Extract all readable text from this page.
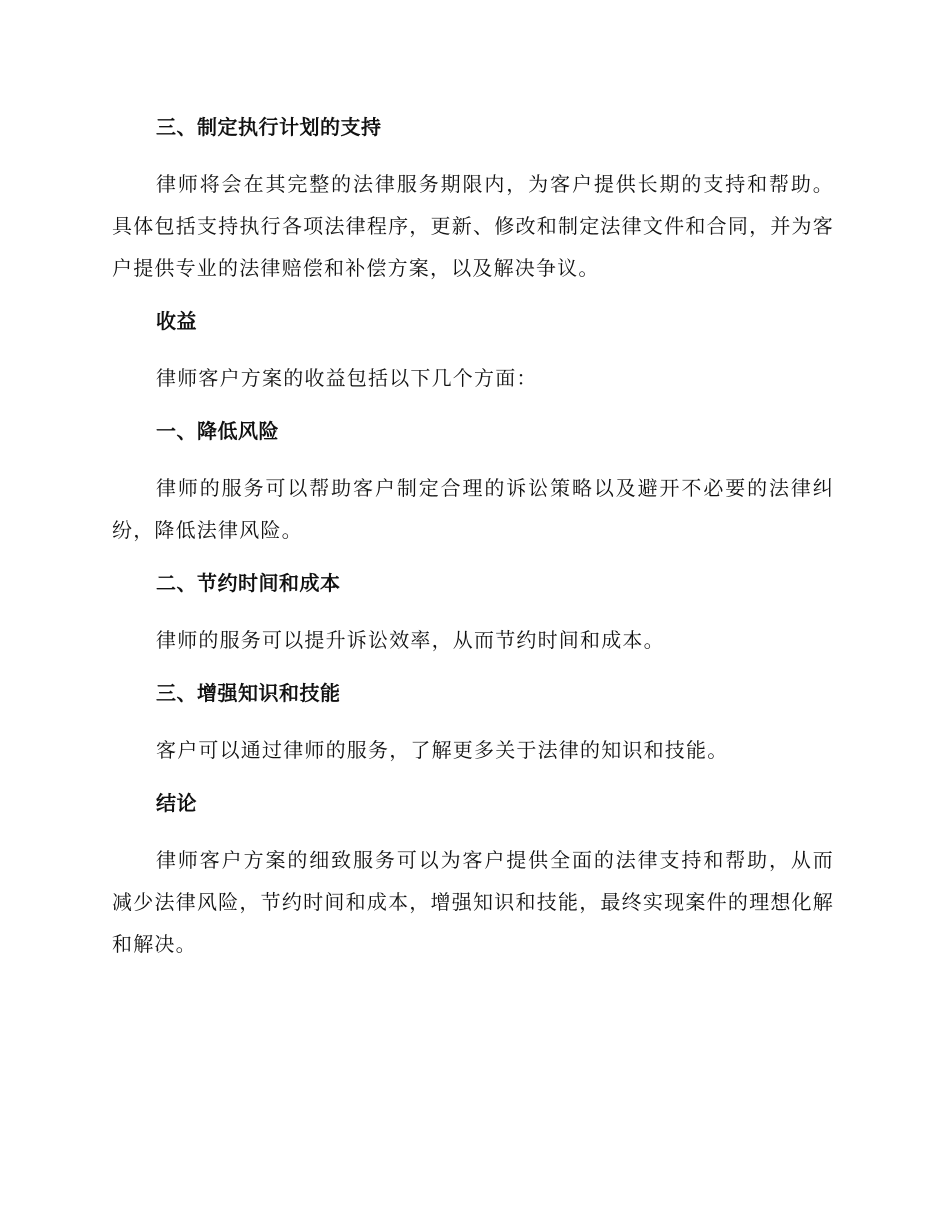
三、制定执行计划的支持

律师将会在其完整的法律服务期限内，为客户提供长期的支持和帮助。具体包括支持执行各项法律程序，更新、修改和制定法律文件和合同，并为客户提供专业的法律赔偿和补偿方案，以及解决争议。

收益

律师客户方案的收益包括以下几个方面：

一、降低风险

律师的服务可以帮助客户制定合理的诉讼策略以及避开不必要的法律纠纷，降低法律风险。

二、节约时间和成本

律师的服务可以提升诉讼效率，从而节约时间和成本。

三、增强知识和技能

客户可以通过律师的服务，了解更多关于法律的知识和技能。

结论

律师客户方案的细致服务可以为客户提供全面的法律支持和帮助，从而减少法律风险，节约时间和成本，增强知识和技能，最终实现案件的理想化解和解决。
